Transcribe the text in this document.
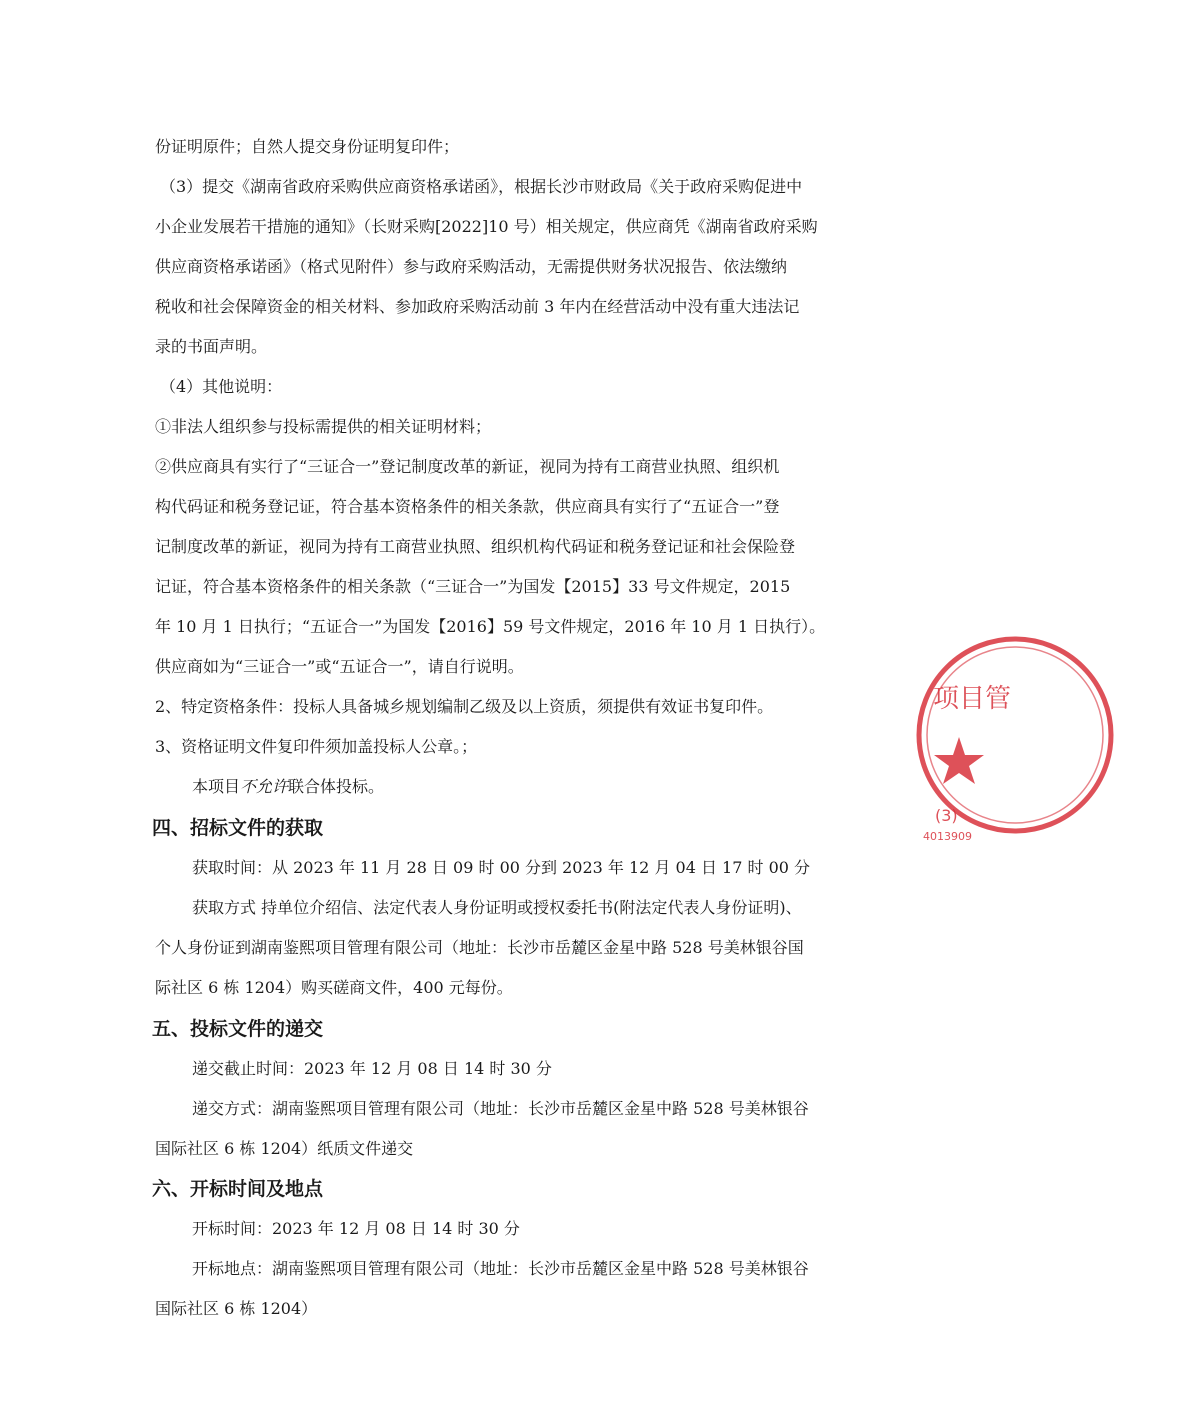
份证明原件；自然人提交身份证明复印件；
（3）提交《湖南省政府采购供应商资格承诺函》，根据长沙市财政局《关于政府采购促进中
小企业发展若干措施的通知》（长财采购[2022]10 号）相关规定，供应商凭《湖南省政府采购
供应商资格承诺函》（格式见附件）参与政府采购活动，无需提供财务状况报告、依法缴纳
税收和社会保障资金的相关材料、参加政府采购活动前 3 年内在经营活动中没有重大违法记
录的书面声明。
（4）其他说明：
①非法人组织参与投标需提供的相关证明材料；
②供应商具有实行了“三证合一”登记制度改革的新证，视同为持有工商营业执照、组织机
构代码证和税务登记证，符合基本资格条件的相关条款，供应商具有实行了“五证合一”登
记制度改革的新证，视同为持有工商营业执照、组织机构代码证和税务登记证和社会保险登
记证，符合基本资格条件的相关条款（“三证合一”为国发【2015】33 号文件规定，2015
年 10 月 1 日执行；“五证合一”为国发【2016】59 号文件规定，2016 年 10 月 1 日执行）。
供应商如为“三证合一”或“五证合一”，请自行说明。
2、特定资格条件：投标人具备城乡规划编制乙级及以上资质，须提供有效证书复印件。
3、资格证明文件复印件须加盖投标人公章。；
本项目不允许联合体投标。
四、招标文件的获取
获取时间：从 2023 年 11 月 28 日 09 时 00 分到 2023 年 12 月 04 日 17 时 00 分
获取方式 持单位介绍信、法定代表人身份证明或授权委托书(附法定代表人身份证明)、
个人身份证到湖南鉴熙项目管理有限公司（地址：长沙市岳麓区金星中路 528 号美林银谷国
际社区 6 栋 1204）购买磋商文件，400 元每份。
五、投标文件的递交
递交截止时间：2023 年 12 月 08 日 14 时 30 分
递交方式：湖南鉴熙项目管理有限公司（地址：长沙市岳麓区金星中路 528 号美林银谷
国际社区 6 栋 1204）纸质文件递交
六、开标时间及地点
开标时间：2023 年 12 月 08 日 14 时 30 分
开标地点：湖南鉴熙项目管理有限公司（地址：长沙市岳麓区金星中路 528 号美林银谷
国际社区 6 栋 1204）
项目管
(3)
4013909
